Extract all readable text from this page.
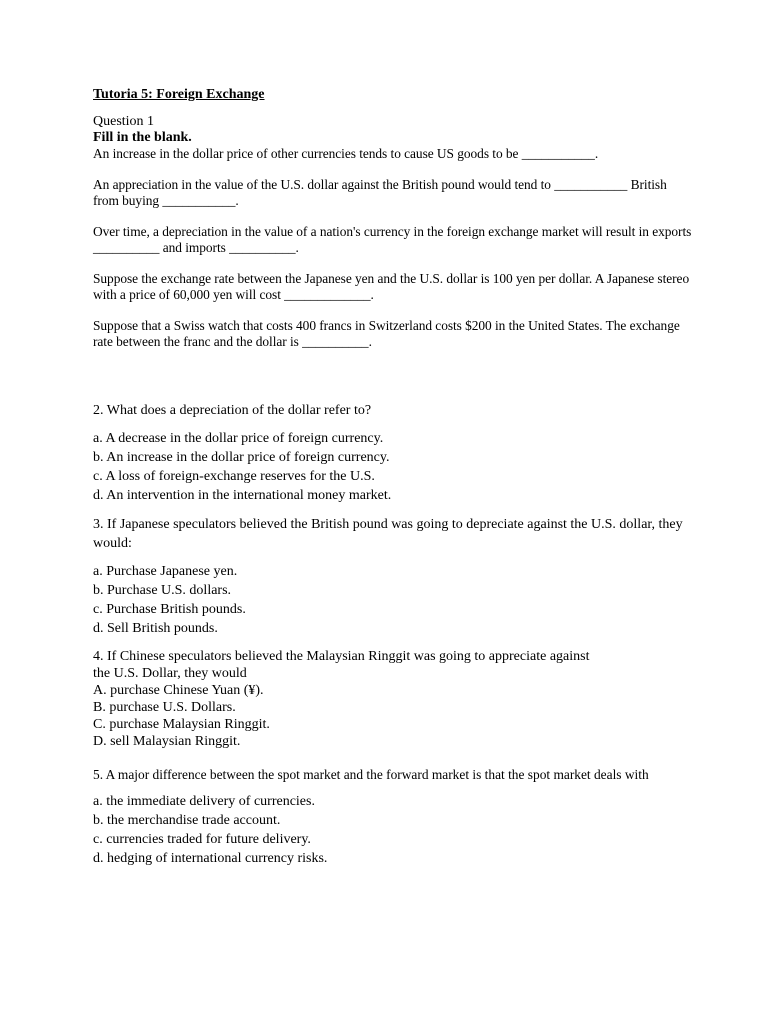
Tutoria 5: Foreign Exchange

Question 1

Fill in the blank.

An increase in the dollar price of other currencies tends to cause US goods to be ___________.

An appreciation in the value of the U.S. dollar against the British pound would tend to ___________ British from buying ___________.

Over time, a depreciation in the value of a nation's currency in the foreign exchange market will result in exports __________ and imports __________.

Suppose the exchange rate between the Japanese yen and the U.S. dollar is 100 yen per dollar. A Japanese stereo with a price of 60,000 yen will cost _____________.

Suppose that a Swiss watch that costs 400 francs in Switzerland costs $200 in the United States. The exchange rate between the franc and the dollar is __________.

2. What does a depreciation of the dollar refer to?

a. A decrease in the dollar price of foreign currency.
b. An increase in the dollar price of foreign currency.
c. A loss of foreign-exchange reserves for the U.S.
d. An intervention in the international money market.

3. If Japanese speculators believed the British pound was going to depreciate against the U.S. dollar, they would:

a. Purchase Japanese yen.
b. Purchase U.S. dollars.
c. Purchase British pounds.
d. Sell British pounds.

4. If Chinese speculators believed the Malaysian Ringgit was going to appreciate against

the U.S. Dollar, they would

A. purchase Chinese Yuan (¥).
B. purchase U.S. Dollars.
C. purchase Malaysian Ringgit.
D. sell Malaysian Ringgit.

5. A major difference between the spot market and the forward market is that the spot market deals with

a. the immediate delivery of currencies.
b. the merchandise trade account.
c. currencies traded for future delivery.
d. hedging of international currency risks.
